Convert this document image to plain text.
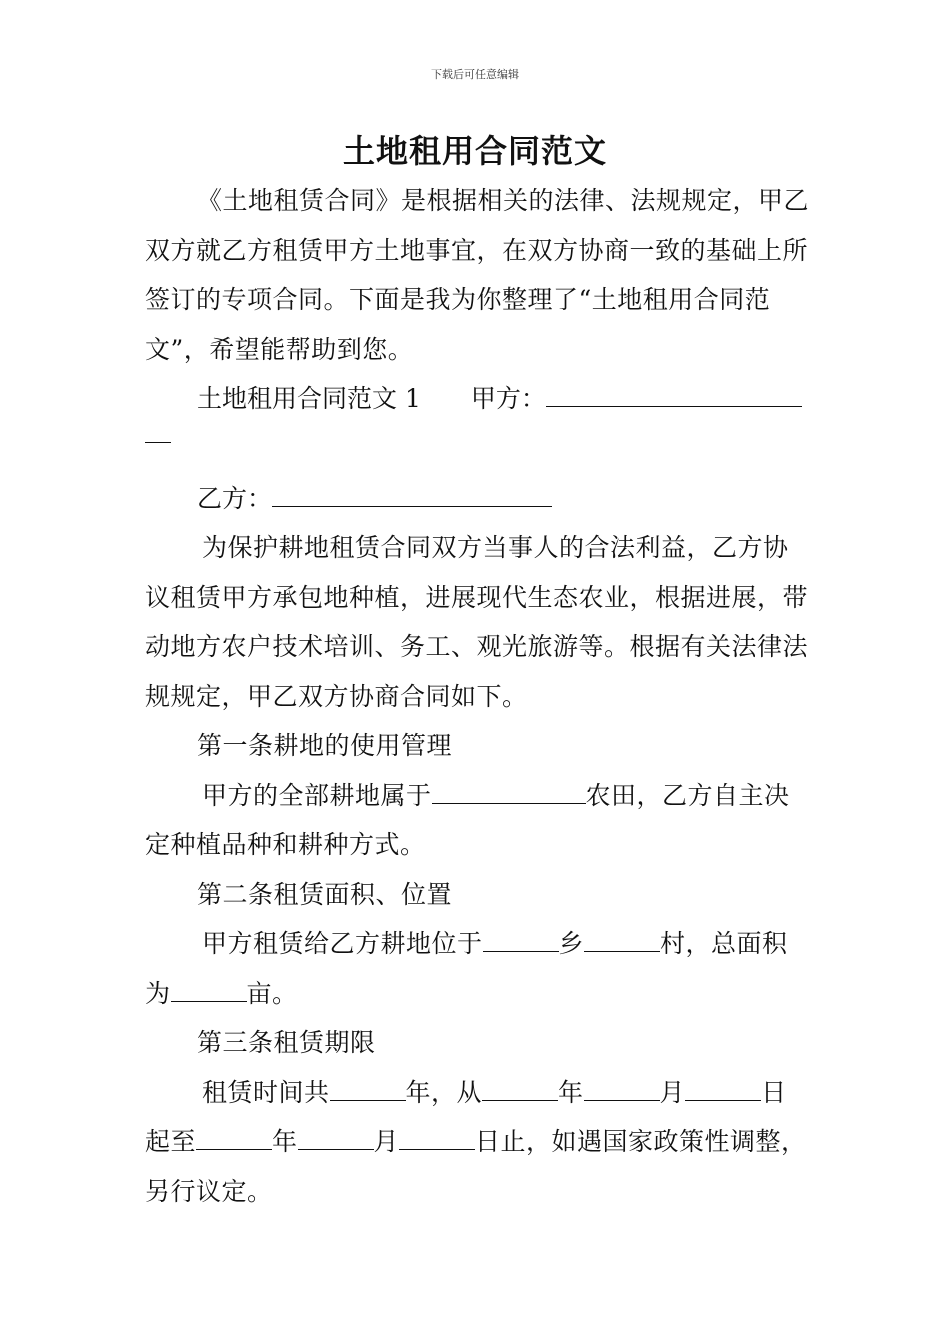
下载后可任意编辑
土地租用合同范文

《土地租赁合同》是根据相关的法律、法规规定，甲乙双方就乙方租赁甲方土地事宜，在双方协商一致的基础上所签订的专项合同。下面是我为你整理了“土地租用合同范文”，希望能帮助到您。

土地租用合同范文 1 甲方：

乙方：

为保护耕地租赁合同双方当事人的合法利益，乙方协议租赁甲方承包地种植，进展现代生态农业，根据进展，带动地方农户技术培训、务工、观光旅游等。根据有关法律法规规定，甲乙双方协商合同如下。

第一条耕地的使用管理

甲方的全部耕地属于	农田，乙方自主决定种植品种和耕种方式。

第二条租赁面积、位置

甲方租赁给乙方耕地位于	乡	村，总面积为	亩。

第三条租赁期限

租赁时间共	年，从	年	月	日起至	年	月	日止，如遇国家政策性调整，另行议定。
